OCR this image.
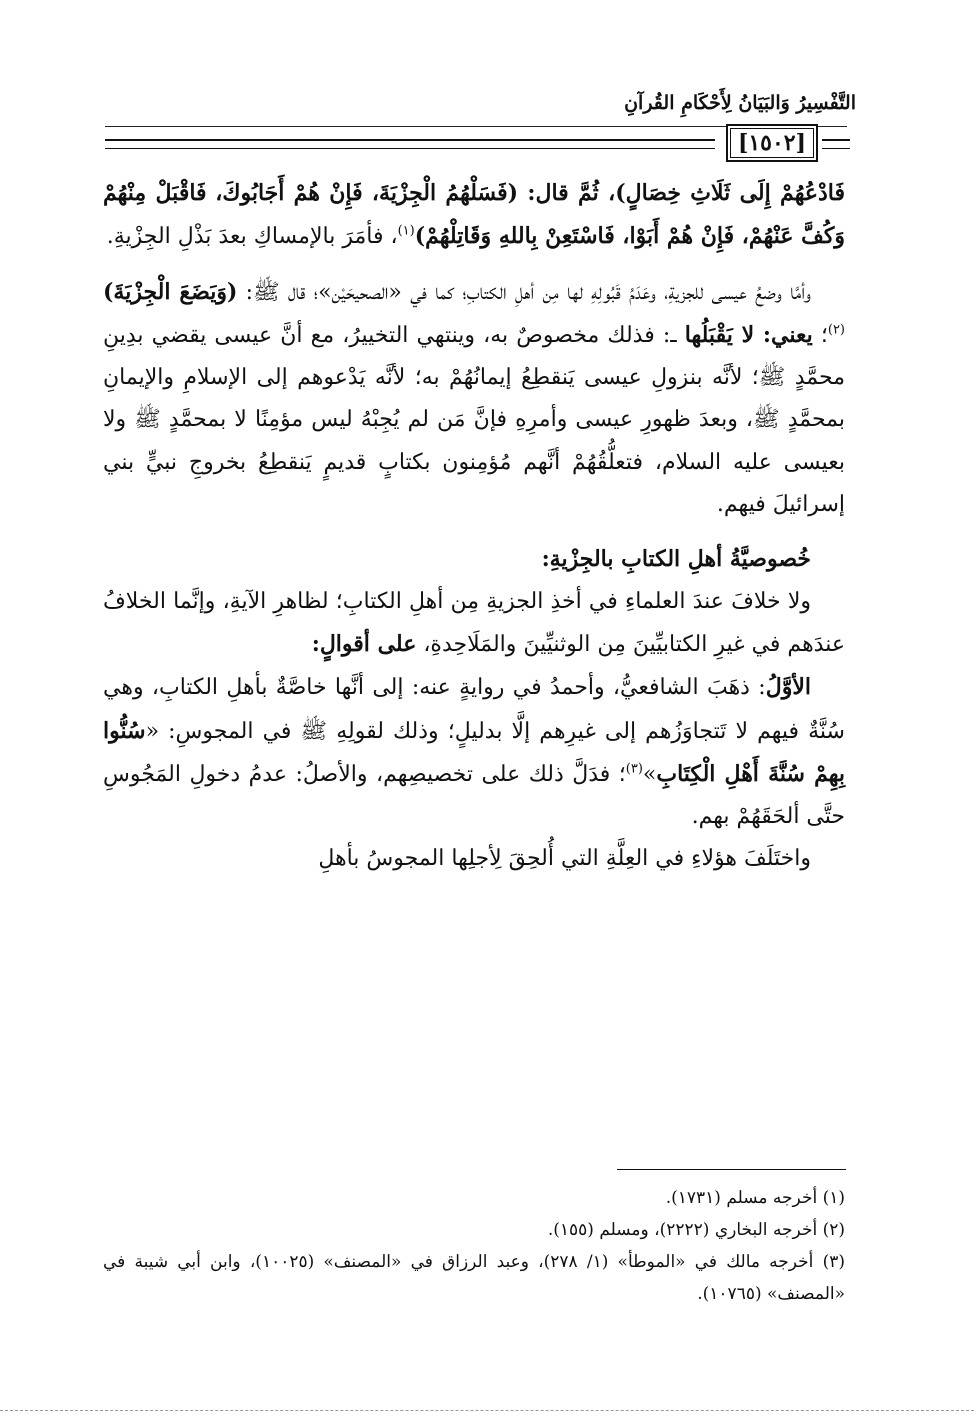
التَّفْسِيرُ وَالبَيَانُ لِأَحْكَامِ القُرآنِ
[١٥٠٢]

فَادْعُهُمْ إِلَى ثَلَاثِ خِصَالٍ)، ثُمَّ قال: (فَسَلْهُمُ الْجِزْيَةَ، فَإِنْ هُمْ أَجَابُوكَ، فَاقْبَلْ مِنْهُمْ وَكُفَّ عَنْهُمْ، فَإِنْ هُمْ أَبَوْا، فَاسْتَعِنْ بِاللهِ وَقَاتِلْهُمْ)$^{(١)}$، فأمَرَ بالإمساكِ بعدَ بَذْلِ الجِزْيةِ.

وأمَّا وضعُ عيسى للجزيةِ، وعَدَمُ قَبُولِهِ لها مِن أهلِ الكتابِ؛ كما في «الصحيحَيْن»؛ قال ﷺ: (وَيَضَعَ الْجِزْيَةَ)$^{(٢)}$؛ يعني: لا يَقْبَلُها ـ: فذلك مخصوصٌ به، وينتهي التخييرُ، مع أنَّ عيسى يقضي بدِينِ محمَّدٍ ﷺ؛ لأنَّه بنزولِ عيسى يَنقطِعُ إيمانُهُمْ به؛ لأنَّه يَدْعوهم إلى الإسلامِ والإيمانِ بمحمَّدٍ ﷺ، وبعدَ ظهورِ عيسى وأمرِهِ فإنَّ مَن لم يُجِبْهُ ليس مؤمِنًا لا بمحمَّدٍ ﷺ ولا بعيسى عليه السلام، فتعلُّقُهُمْ أنَّهم مُؤمِنون بكتابٍ قديمٍ يَنقطِعُ بخروجِ نبيٍّ بني إسرائيلَ فيهم.

خُصوصيَّةُ أهلِ الكتابِ بالجِزْيةِ:

ولا خلافَ عندَ العلماءِ في أخذِ الجزيةِ مِن أهلِ الكتابِ؛ لظاهرِ الآيةِ، وإنَّما الخلافُ عندَهم في غيرِ الكتابيِّينَ مِن الوثنيِّينَ والمَلَاحِدةِ، على أقوالٍ:

الأوَّلُ: ذهَبَ الشافعيُّ، وأحمدُ في روايةٍ عنه: إلى أنَّها خاصَّةٌ بأهلِ الكتابِ، وهي سُنَّةٌ فيهم لا تَتجاوَزُهم إلى غيرِهم إلَّا بدليلٍ؛ وذلك لقولِهِ ﷺ في المجوسِ: «سُنُّوا بِهِمْ سُنَّةَ أَهْلِ الْكِتَابِ»$^{(٣)}$؛ فدَلَّ ذلك على تخصيصِهم، والأصلُ: عدمُ دخولِ المَجُوسِ حتَّى ألحَقَهُمْ بهم.

واختَلَفَ هؤلاءِ في العِلَّةِ التي أُلحِقَ لِأجلِها المجوسُ بأهلِ

(١) أخرجه مسلم (١٧٣١).

(٢) أخرجه البخاري (٢٢٢٢)، ومسلم (١٥٥).

(٣) أخرجه مالك في «الموطأ» (١/ ٢٧٨)، وعبد الرزاق في «المصنف» (١٠٠٢٥)، وابن أبي شيبة في «المصنف» (١٠٧٦٥).
